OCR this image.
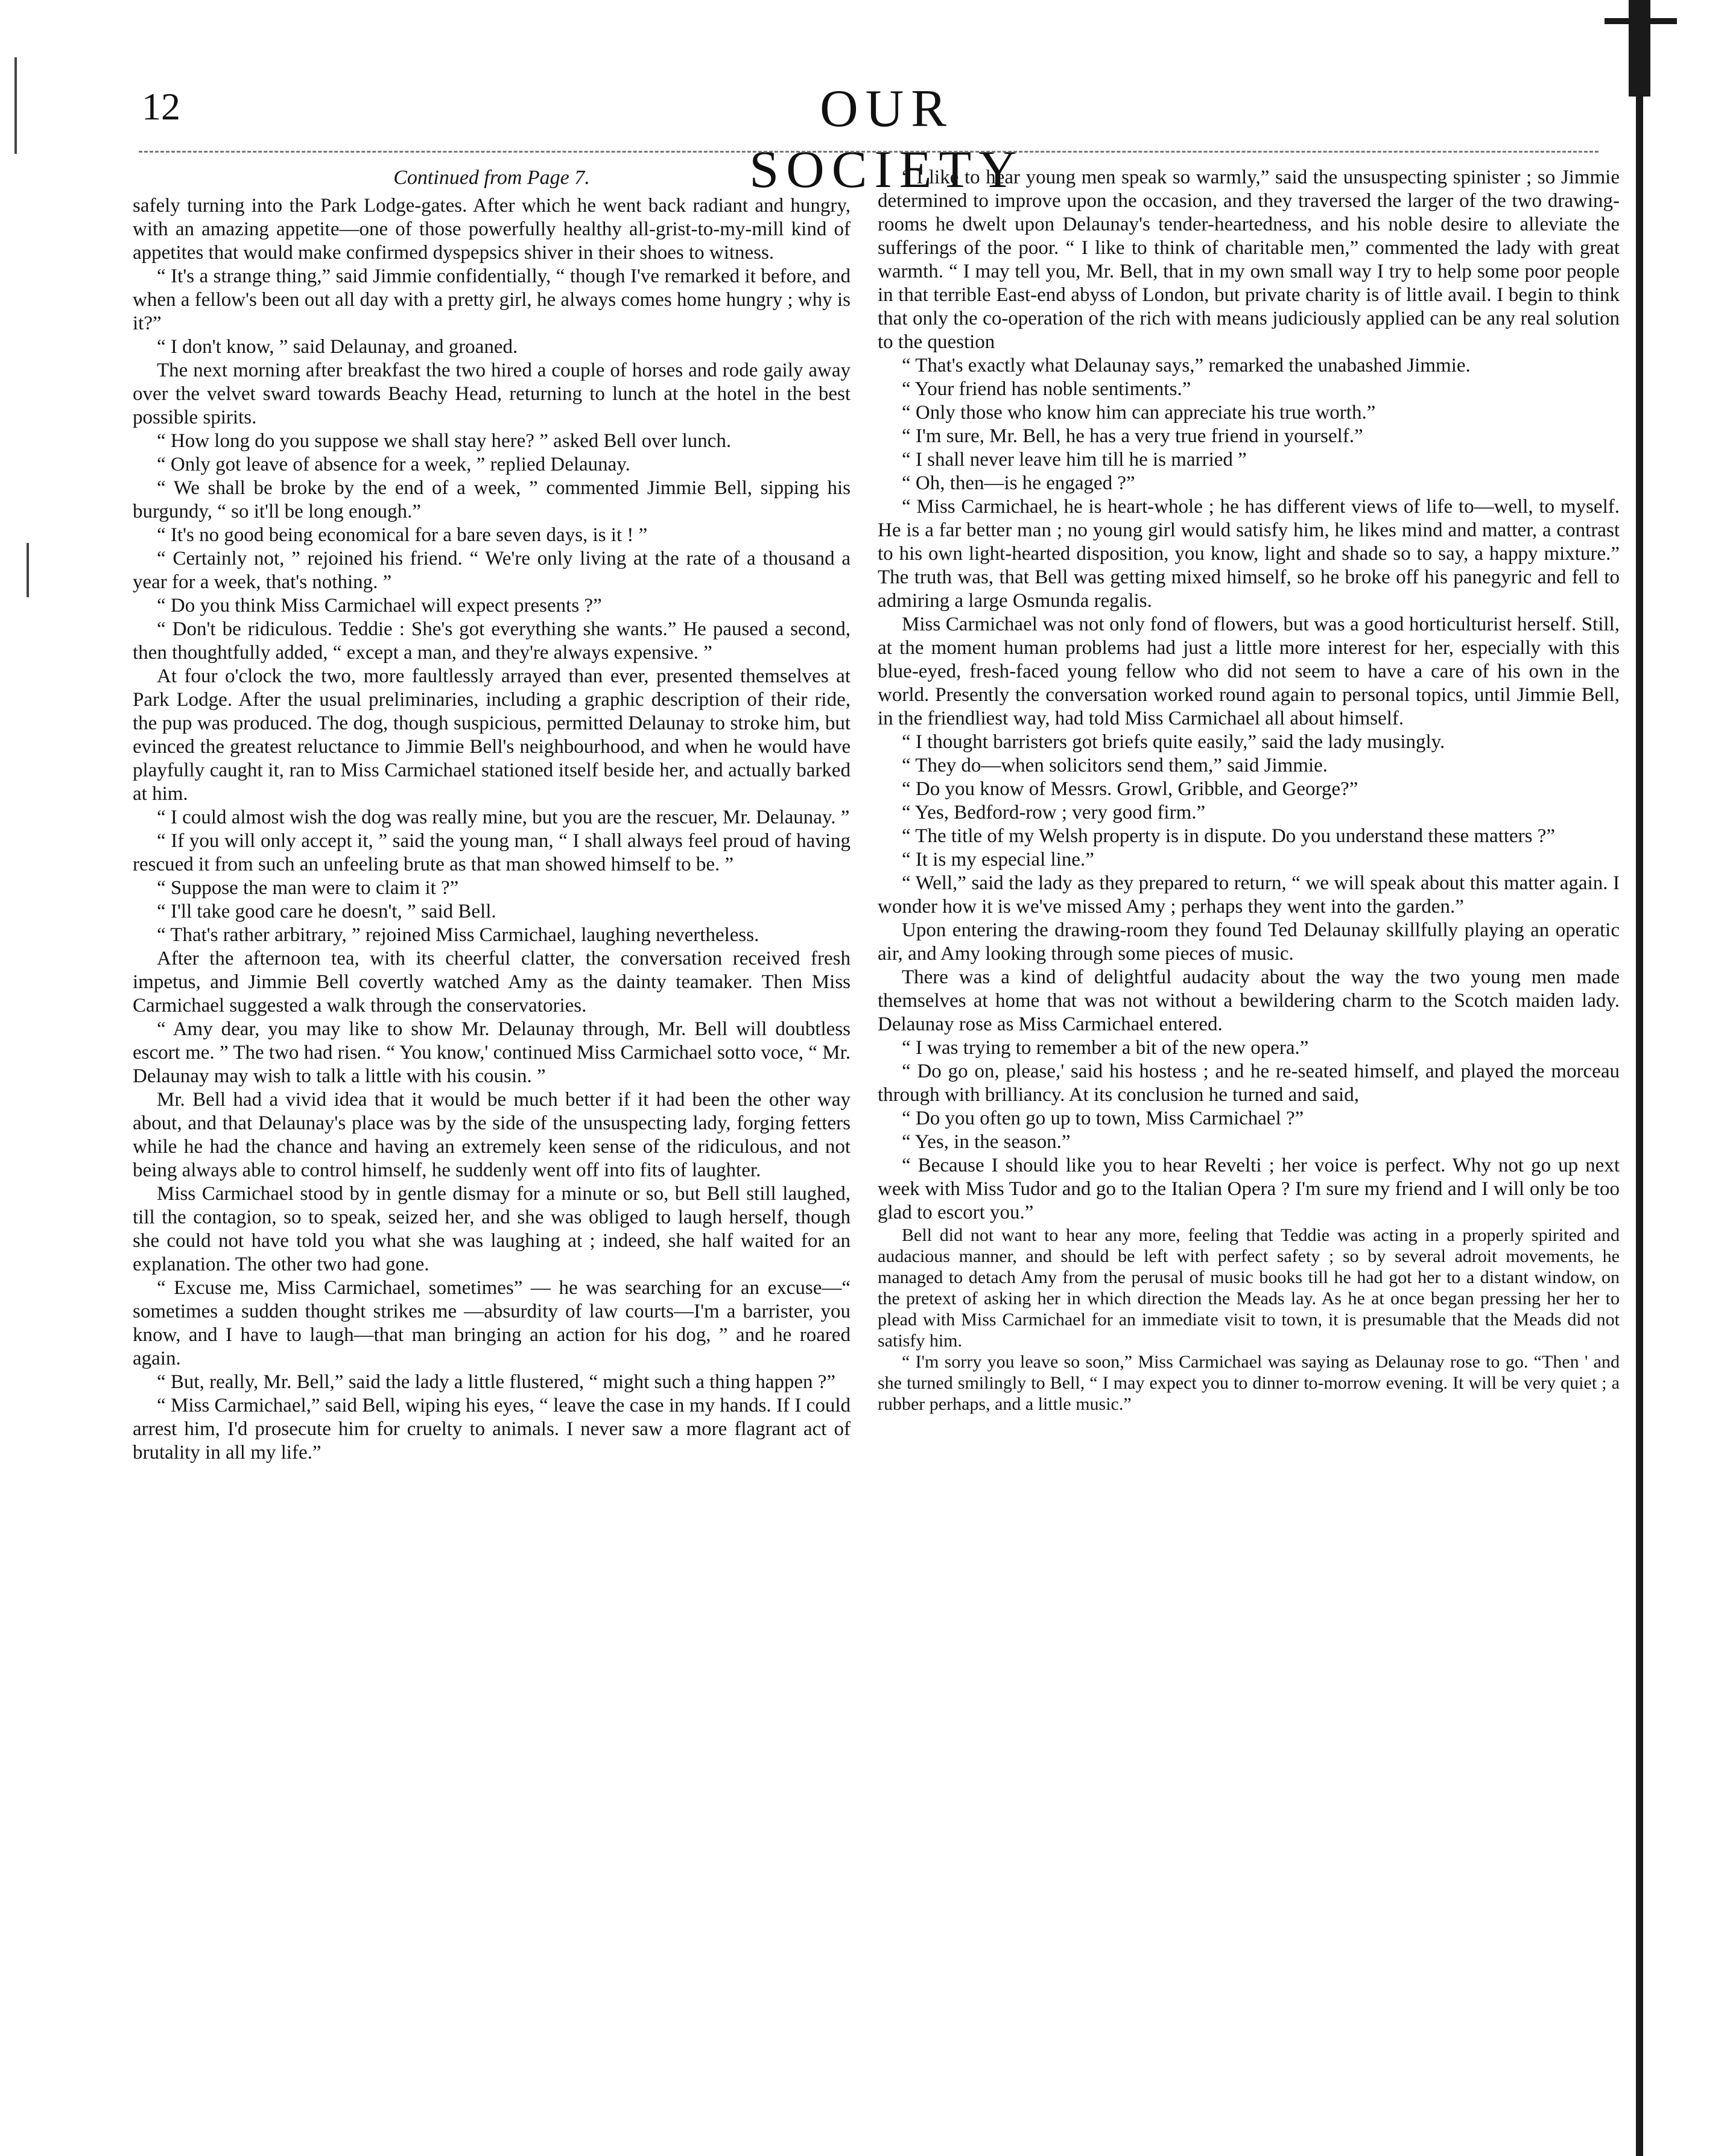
12	OUR SOCIETY

Continued from Page 7.

safely turning into the Park Lodge-gates. After which he went back radiant and hungry, with an amazing appetite—one of those powerfully healthy all-grist-to-my-mill kind of appetites that would make confirmed dyspepsics shiver in their shoes to witness.

“ It's a strange thing,” said Jimmie confidentially, “ though I've remarked it before, and when a fellow's been out all day with a pretty girl, he always comes home hungry ; why is it?”

“ I don't know, ” said Delaunay, and groaned.

The next morning after breakfast the two hired a couple of horses and rode gaily away over the velvet sward towards Beachy Head, returning to lunch at the hotel in the best possible spirits.

“ How long do you suppose we shall stay here? ” asked Bell over lunch.

“ Only got leave of absence for a week, ” replied Delaunay.

“ We shall be broke by the end of a week, ” commented Jimmie Bell, sipping his burgundy, “ so it'll be long enough.”

“ It's no good being economical for a bare seven days, is it ! ”

“ Certainly not, ” rejoined his friend. “ We're only living at the rate of a thousand a year for a week, that's nothing. ”

“ Do you think Miss Carmichael will expect presents ?”

“ Don't be ridiculous. Teddie : She's got everything she wants.” He paused a second, then thoughtfully added, “ except a man, and they're always expensive. ”

At four o'clock the two, more faultlessly arrayed than ever, presented themselves at Park Lodge. After the usual preliminaries, including a graphic description of their ride, the pup was produced. The dog, though suspicious, permitted Delaunay to stroke him, but evinced the greatest reluctance to Jimmie Bell's neighbourhood, and when he would have playfully caught it, ran to Miss Carmichael stationed itself beside her, and actually barked at him.

“ I could almost wish the dog was really mine, but you are the rescuer, Mr. Delaunay. ”

“ If you will only accept it, ” said the young man, “ I shall always feel proud of having rescued it from such an unfeeling brute as that man showed himself to be. ”

“ Suppose the man were to claim it ?”

“ I'll take good care he doesn't, ” said Bell.

“ That's rather arbitrary, ” rejoined Miss Carmichael, laughing nevertheless.

After the afternoon tea, with its cheerful clatter, the conversation received fresh impetus, and Jimmie Bell covertly watched Amy as the dainty teamaker. Then Miss Carmichael suggested a walk through the conservatories.

“ Amy dear, you may like to show Mr. Delaunay through, Mr. Bell will doubtless escort me. ” The two had risen. “ You know,' continued Miss Carmichael sotto voce, “ Mr. Delaunay may wish to talk a little with his cousin. ”

Mr. Bell had a vivid idea that it would be much better if it had been the other way about, and that Delaunay's place was by the side of the unsuspecting lady, forging fetters while he had the chance and having an extremely keen sense of the ridiculous, and not being always able to control himself, he suddenly went off into fits of laughter.

Miss Carmichael stood by in gentle dismay for a minute or so, but Bell still laughed, till the contagion, so to speak, seized her, and she was obliged to laugh herself, though she could not have told you what she was laughing at ; indeed, she half waited for an explanation. The other two had gone.

“ Excuse me, Miss Carmichael, sometimes” — he was searching for an excuse—“ sometimes a sudden thought strikes me —absurdity of law courts—I'm a barrister, you know, and I have to laugh—that man bringing an action for his dog, ” and he roared again.

“ But, really, Mr. Bell,” said the lady a little flustered, “ might such a thing happen ?”

“ Miss Carmichael,” said Bell, wiping his eyes, “ leave the case in my hands. If I could arrest him, I'd prosecute him for cruelty to animals. I never saw a more flagrant act of brutality in all my life.”

“ I like to hear young men speak so warmly,” said the unsuspecting spinister ; so Jimmie determined to improve upon the occasion, and they traversed the larger of the two drawing-rooms he dwelt upon Delaunay's tender-heartedness, and his noble desire to alleviate the sufferings of the poor. “ I like to think of charitable men,” commented the lady with great warmth. “ I may tell you, Mr. Bell, that in my own small way I try to help some poor people in that terrible East-end abyss of London, but private charity is of little avail. I begin to think that only the co-operation of the rich with means judiciously applied can be any real solution to the question

“ That's exactly what Delaunay says,” remarked the unabashed Jimmie.

“ Your friend has noble sentiments.”

“ Only those who know him can appreciate his true worth.”

“ I'm sure, Mr. Bell, he has a very true friend in yourself.”

“ I shall never leave him till he is married ”

“ Oh, then—is he engaged ?”

“ Miss Carmichael, he is heart-whole ; he has different views of life to—well, to myself. He is a far better man ; no young girl would satisfy him, he likes mind and matter, a contrast to his own light-hearted disposition, you know, light and shade so to say, a happy mixture.” The truth was, that Bell was getting mixed himself, so he broke off his panegyric and fell to admiring a large Osmunda regalis.

Miss Carmichael was not only fond of flowers, but was a good horticulturist herself. Still, at the moment human problems had just a little more interest for her, especially with this blue-eyed, fresh-faced young fellow who did not seem to have a care of his own in the world. Presently the conversation worked round again to personal topics, until Jimmie Bell, in the friendliest way, had told Miss Carmichael all about himself.

“ I thought barristers got briefs quite easily,” said the lady musingly.

“ They do—when solicitors send them,” said Jimmie.

“ Do you know of Messrs. Growl, Gribble, and George?”

“ Yes, Bedford-row ; very good firm.”

“ The title of my Welsh property is in dispute. Do you understand these matters ?”

“ It is my especial line.”

“ Well,” said the lady as they prepared to return, “ we will speak about this matter again. I wonder how it is we've missed Amy ; perhaps they went into the garden.”

Upon entering the drawing-room they found Ted Delaunay skillfully playing an operatic air, and Amy looking through some pieces of music.

There was a kind of delightful audacity about the way the two young men made themselves at home that was not without a bewildering charm to the Scotch maiden lady. Delaunay rose as Miss Carmichael entered.

“ I was trying to remember a bit of the new opera.”

“ Do go on, please,' said his hostess ; and he re-seated himself, and played the morceau through with brilliancy. At its conclusion he turned and said,

“ Do you often go up to town, Miss Carmichael ?”

“ Yes, in the season.”

“ Because I should like you to hear Revelti ; her voice is perfect. Why not go up next week with Miss Tudor and go to the Italian Opera ? I'm sure my friend and I will only be too glad to escort you.”

Bell did not want to hear any more, feeling that Teddie was acting in a properly spirited and audacious manner, and should be left with perfect safety ; so by several adroit movements, he managed to detach Amy from the perusal of music books till he had got her to a distant window, on the pretext of asking her in which direction the Meads lay. As he at once began pressing her her to plead with Miss Carmichael for an immediate visit to town, it is presumable that the Meads did not satisfy him.

“ I'm sorry you leave so soon,” Miss Carmichael was saying as Delaunay rose to go. “Then ' and she turned smilingly to Bell, “ I may expect you to dinner to-morrow evening. It will be very quiet ; a rubber perhaps, and a little music.”
